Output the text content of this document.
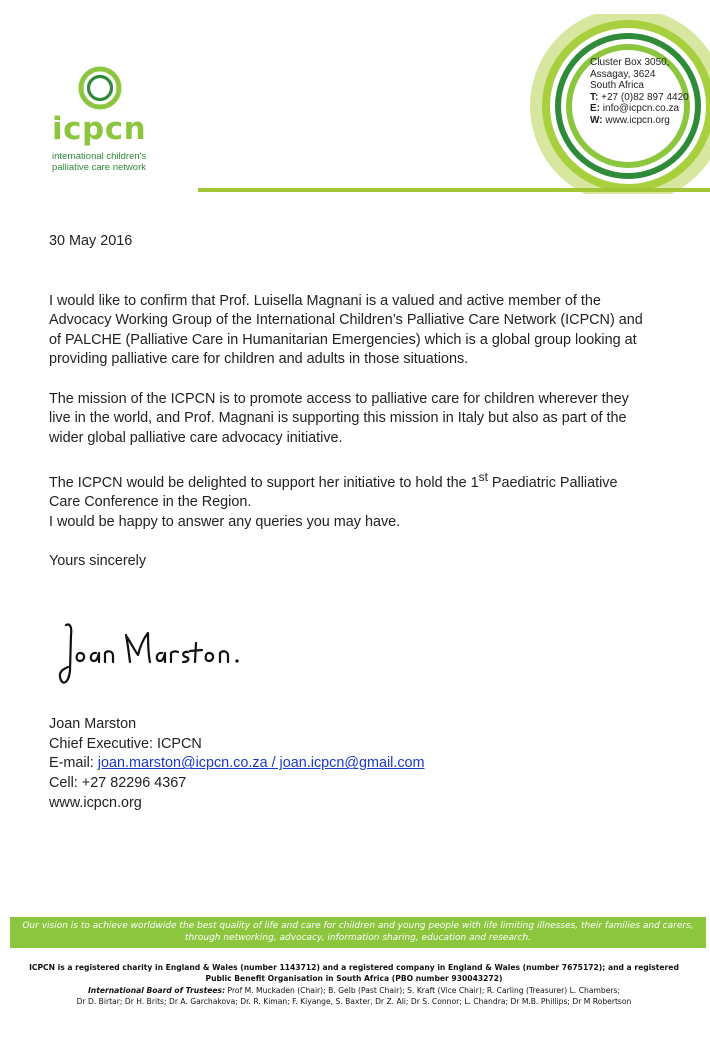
icpcn
international children's
palliative care network
Cluster Box 3050,
Assagay, 3624
South Africa
T: +27 (0)82 897 4420
E: info@icpcn.co.za
W: www.icpcn.org

30 May 2016

I would like to confirm that Prof. Luisella Magnani is a valued and active member of the Advocacy Working Group of the International Children’s Palliative Care Network (ICPCN) and of PALCHE (Palliative Care in Humanitarian Emergencies) which is a global group looking at providing palliative care for children and adults in those situations.

The mission of the ICPCN is to promote access to palliative care for children wherever they live in the world, and Prof. Magnani is supporting this mission in Italy but also as part of the wider global palliative care advocacy initiative.

The ICPCN would be delighted to support her initiative to hold the 1st Paediatric Palliative Care Conference in the Region.

I would be happy to answer any queries you may have.

Yours sincerely

Joan Marston
Chief Executive: ICPCN
E-mail: joan.marston@icpcn.co.za / joan.icpcn@gmail.com
Cell: +27 82296 4367
www.icpcn.org
Our vision is to achieve worldwide the best quality of life and care for children and young people with life limiting illnesses, their families and carers, through networking, advocacy, information sharing, education and research.
ICPCN is a registered charity in England & Wales (number 1143712) and a registered company in England & Wales (number 7675172); and a registered Public Benefit Organisation in South Africa (PBO number 930043272)
International Board of Trustees: Prof M. Muckaden (Chair); B. Gelb (Past Chair); S. Kraft (Vice Chair); R. Carling (Treasurer) L. Chambers;
Dr D. Birtar; Dr H. Brits; Dr A. Garchakova; Dr. R. Kiman; F. Kiyange, S. Baxter, Dr Z. Ali; Dr S. Connor; L. Chandra; Dr M.B. Phillips; Dr M Robertson
